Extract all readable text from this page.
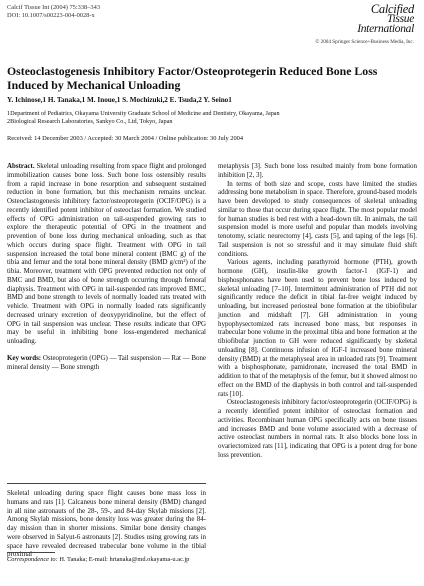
Calcif Tissue Int (2004) 75:338–343
DOI: 10.1007/s00223-004-0028-x	Calcified
Tissue
International
© 2004 Springer Science+Business Media, Inc.
Osteoclastogenesis Inhibitory Factor/Osteoprotegerin Reduced Bone Loss Induced by Mechanical Unloading
Y. Ichinose,1 H. Tanaka,1 M. Inoue,1 S. Mochizuki,2 E. Tsuda,2 Y. Seino1
1Department of Pediatrics, Okayama University Graduate School of Medicine and Dentistry, Okayama, Japan
2Biological Research Laboratories, Sankyo Co., Ltd, Tokyo, Japan
Received: 14 December 2003 / Accepted: 30 March 2004 / Online publication: 30 July 2004

Abstract. Skeletal unloading resulting from space flight and prolonged immobilization causes bone loss. Such bone loss ostensibly results from a rapid increase in bone resorption and subsequent sustained reduction in bone formation, but this mechanism remains unclear. Osteoclastogenesis inhibitory factor/osteoprotegerin (OCIF/OPG) is a recently identified potent inhibitor of osteoclast formation. We studied effects of OPG administration on tail-suspended growing rats to explore the therapeutic potential of OPG in the treatment and prevention of bone loss during mechanical unloading, such as that which occurs during space flight. Treatment with OPG in tail suspension increased the total bone mineral content (BMC g) of the tibia and femur and the total bone mineral density (BMD g/cm²) of the tibia. Moreover, treatment with OPG prevented reduction not only of BMC and BMD, but also of bone strength occurring through femoral diaphysis. Treatment with OPG in tail-suspended rats improved BMC, BMD and bone strength to levels of normally loaded rats treated with vehicle. Treatment with OPG in normally loaded rats significantly decreased urinary excretion of deoxypyridinoline, but the effect of OPG in tail suspension was unclear. These results indicate that OPG may be useful in inhibiting bone loss-engendered mechanical unloading.

Key words: Osteoprotegerin (OPG) — Tail suspension — Rat — Bone mineral density — Bone strength

Skeletal unloading during space flight causes bone mass loss in humans and rats [1]. Calcaneus bone mineral density (BMD) changed in all nine astronauts of the 28-, 59-, and 84-day Skylab missions [2]. Among Skylab missions, bone density loss was greater during the 84-day mission than in shorter missions. Similar bone density changes were observed in Salyut-6 astronauts [2]. Studies using growing rats in space have revealed decreased trabecular bone volume in the tibial proximal

Correspondence to: H. Tanaka; E-mail: hrtanaka@md.okayama-u.ac.jp

metaphysis [3]. Such bone loss resulted mainly from bone formation inhibition [2, 3].

In terms of both size and scope, costs have limited the studies addressing bone metabolism in space. Therefore, ground-based models have been developed to study consequences of skeletal unloading similar to those that occur during space flight. The most popular model for human studies is bed rest with a head-down tilt. In animals, the tail suspension model is more useful and popular than models involving tenotomy, sciatic neurectomy [4], casts [5], and taping of the legs [6]. Tail suspension is not so stressful and it may simulate fluid shift conditions.

Various agents, including parathyroid hormone (PTH), growth hormone (GH), insulin-like growth factor-1 (IGF-1) and bisphosphonates have been used to prevent bone loss induced by skeletal unloading [7–10]. Intermittent administration of PTH did not significantly reduce the deficit in tibial fat-free weight induced by unloading, but increased periosteal bone formation at the tibiofibular junction and midshaft [7]. GH administration in young hypophysectomized rats increased bone mass, but responses in trabecular bone volume in the proximal tibia and bone formation at the tibiofibular junction to GH were reduced significantly by skeletal unloading [8]. Continuous infusion of IGF-I increased bone mineral density (BMD) at the metaphyseal area in unloaded rats [9]. Treatment with a bisphosphonate, pamidronate, increased the total BMD in addition to that of the metaphysis of the femur, but it showed almost no effect on the BMD of the diaphysis in both control and tail-suspended rats [10].

Osteoclastogenesis inhibitory factor/osteoprotegerin (OCIF/OPG) is a recently identified potent inhibitor of osteoclast formation and activities. Recombinant human OPG specifically acts on bone tissues and increases BMD and bone volume associated with a decrease of active osteoclast numbers in normal rats. It also blocks bone loss in ovariectomized rats [11], indicating that OPG is a potent drug for bone loss prevention.
